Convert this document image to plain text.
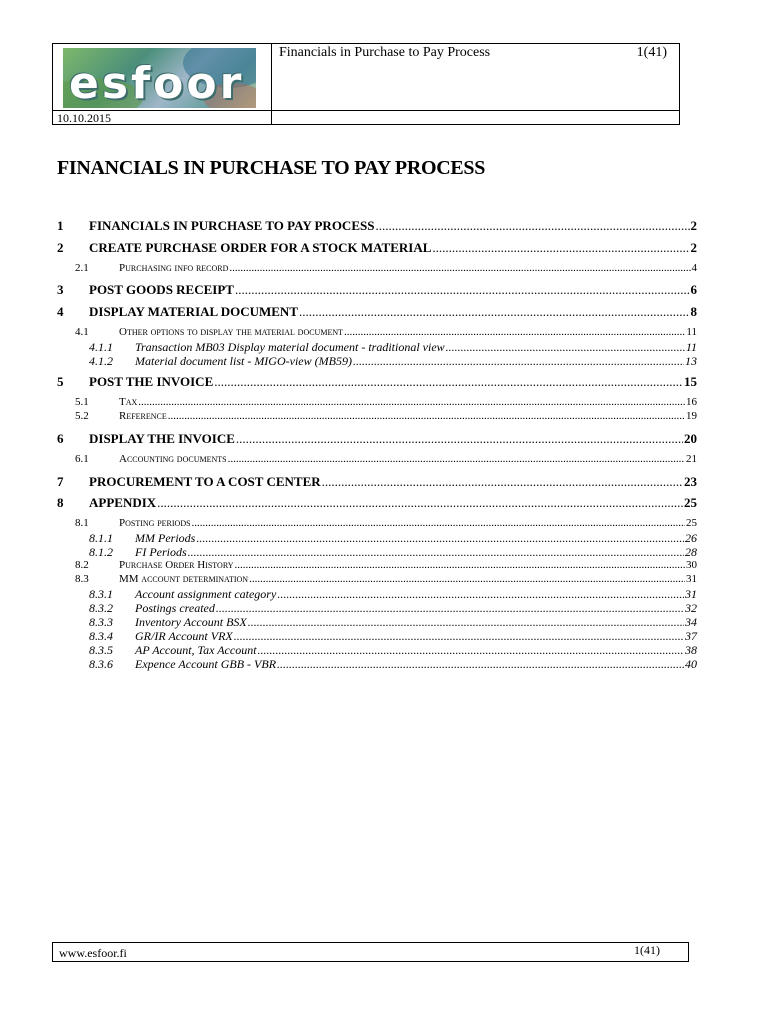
esfoor
Financials in Purchase to Pay Process	1(41)
10.10.2015
FINANCIALS IN PURCHASE TO PAY PROCESS
1	FINANCIALS IN PURCHASE TO PAY PROCESS .....	2
2	CREATE PURCHASE ORDER FOR A STOCK MATERIAL .....	2
2.1	Purchasing info record .....	4
3	POST GOODS RECEIPT .....	6
4	DISPLAY MATERIAL DOCUMENT .....	8
4.1	Other options to display the material document .....	11
4.1.1	Transaction MB03 Display material document - traditional view .....	11
4.1.2	Material document list - MIGO-view (MB59) .....	13
5	POST THE INVOICE .....	15
5.1	Tax .....	16
5.2	Reference .....	19
6	DISPLAY THE INVOICE .....	20
6.1	Accounting documents .....	21
7	PROCUREMENT TO A COST CENTER .....	23
8	APPENDIX .....	25
8.1	Posting periods .....	25
8.1.1	MM Periods .....	26
8.1.2	FI Periods .....	28
8.2	Purchase Order History .....	30
8.3	MM account determination .....	31
8.3.1	Account assignment category .....	31
8.3.2	Postings created .....	32
8.3.3	Inventory Account BSX .....	34
8.3.4	GR/IR Account VRX .....	37
8.3.5	AP Account, Tax Account .....	38
8.3.6	Expence Account GBB - VBR .....	40
www.esfoor.fi	1(41)
